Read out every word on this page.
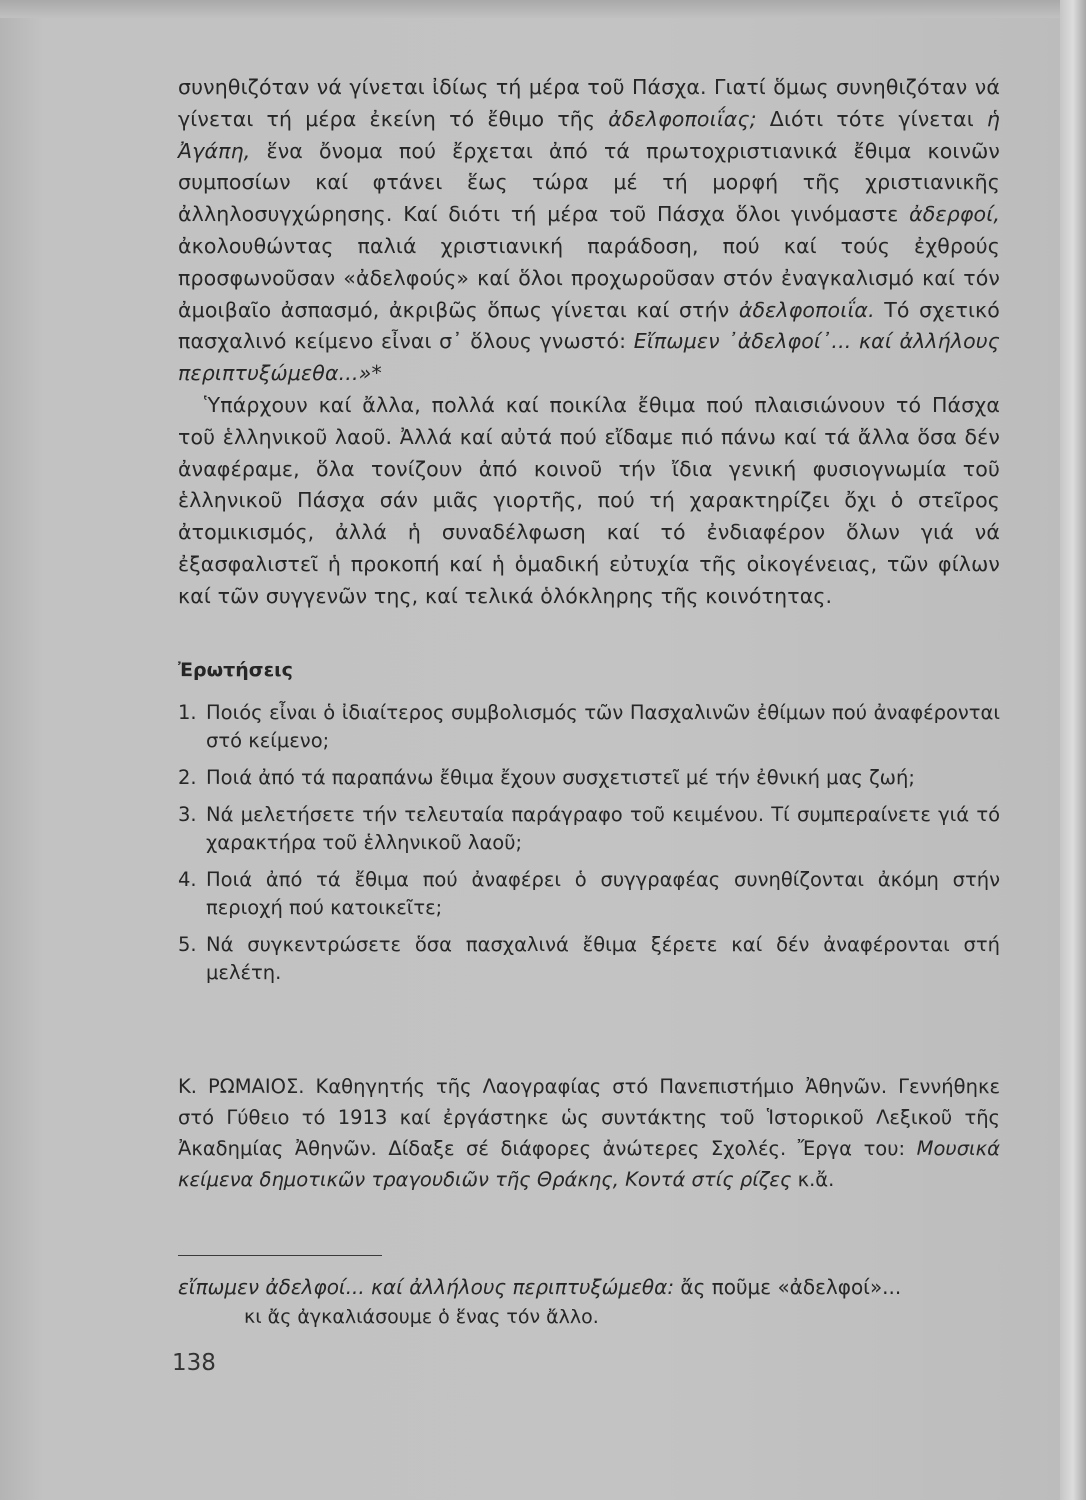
συνηθιζόταν νά γίνεται ἰδίως τή μέρα τοῦ Πάσχα. Γιατί ὅμως συνηθιζόταν νά γίνεται τή μέρα ἐκείνη τό ἔθιμο τῆς ἀδελφοποιΐας; Διότι τότε γίνεται ἡ Ἀγάπη, ἕνα ὄνομα πού ἔρχεται ἀπό τά πρωτοχριστιανικά ἔθιμα κοινῶν συμποσίων καί φτάνει ἕως τώρα μέ τή μορφή τῆς χριστιανικῆς ἀλληλοσυγχώρησης. Καί διότι τή μέρα τοῦ Πάσχα ὅλοι γινόμαστε ἀδερφοί, ἀκολουθώντας παλιά χριστιανική παράδοση, πού καί τούς ἐχθρούς προσφωνοῦσαν «ἀδελφούς» καί ὅλοι προχωροῦσαν στόν ἐναγκαλισμό καί τόν ἀμοιβαῖο ἀσπασμό, ἀκριβῶς ὅπως γίνεται καί στήν ἀδελφοποιΐα. Τό σχετικό πασχαλινό κείμενο εἶναι σ᾽ ὅλους γνωστό: Εἴπωμεν ᾽ἀδελφοί᾽... καί ἀλλήλους περιπτυξώμεθα...»*

Ὑπάρχουν καί ἄλλα, πολλά καί ποικίλα ἔθιμα πού πλαισιώνουν τό Πάσχα τοῦ ἑλληνικοῦ λαοῦ. Ἀλλά καί αὐτά πού εἴδαμε πιό πάνω καί τά ἄλλα ὅσα δέν ἀναφέραμε, ὅλα τονίζουν ἀπό κοινοῦ τήν ἴδια γενική φυσιογνωμία τοῦ ἑλληνικοῦ Πάσχα σάν μιᾶς γιορτῆς, πού τή χαρακτηρίζει ὄχι ὁ στεῖρος ἀτομικισμός, ἀλλά ἡ συναδέλφωση καί τό ἐνδιαφέρον ὅλων γιά νά ἐξασφαλιστεῖ ἡ προκοπή καί ἡ ὁμαδική εὐτυχία τῆς οἰκογένειας, τῶν φίλων καί τῶν συγγενῶν της, καί τελικά ὁλόκληρης τῆς κοινότητας.

Ἐρωτήσεις
1. Ποιός εἶναι ὁ ἰδιαίτερος συμβολισμός τῶν Πασχαλινῶν ἐθίμων πού ἀναφέρονται στό κείμενο;
2. Ποιά ἀπό τά παραπάνω ἔθιμα ἔχουν συσχετιστεῖ μέ τήν ἐθνική μας ζωή;
3. Νά μελετήσετε τήν τελευταία παράγραφο τοῦ κειμένου. Τί συμπεραίνετε γιά τό χαρακτήρα τοῦ ἑλληνικοῦ λαοῦ;
4. Ποιά ἀπό τά ἔθιμα πού ἀναφέρει ὁ συγγραφέας συνηθίζονται ἀκόμη στήν περιοχή πού κατοικεῖτε;
5. Νά συγκεντρώσετε ὅσα πασχαλινά ἔθιμα ξέρετε καί δέν ἀναφέρονται στή μελέτη.

Κ. ΡΩΜΑΙΟΣ. Καθηγητής τῆς Λαογραφίας στό Πανεπιστήμιο Ἀθηνῶν. Γεννήθηκε στό Γύθειο τό 1913 καί ἐργάστηκε ὡς συντάκτης τοῦ Ἱστορικοῦ Λεξικοῦ τῆς Ἀκαδημίας Ἀθηνῶν. Δίδαξε σέ διάφορες ἀνώτερες Σχολές. Ἔργα του: Μουσικά κείμενα δημοτικῶν τραγουδιῶν τῆς Θράκης, Κοντά στίς ρίζες κ.ἄ.

εἴπωμεν ἀδελφοί... καί ἀλλήλους περιπτυξώμεθα: ἄς ποῦμε «ἀδελφοί»...
κι ἄς ἀγκαλιάσουμε ὁ ἕνας τόν ἄλλο.
138
